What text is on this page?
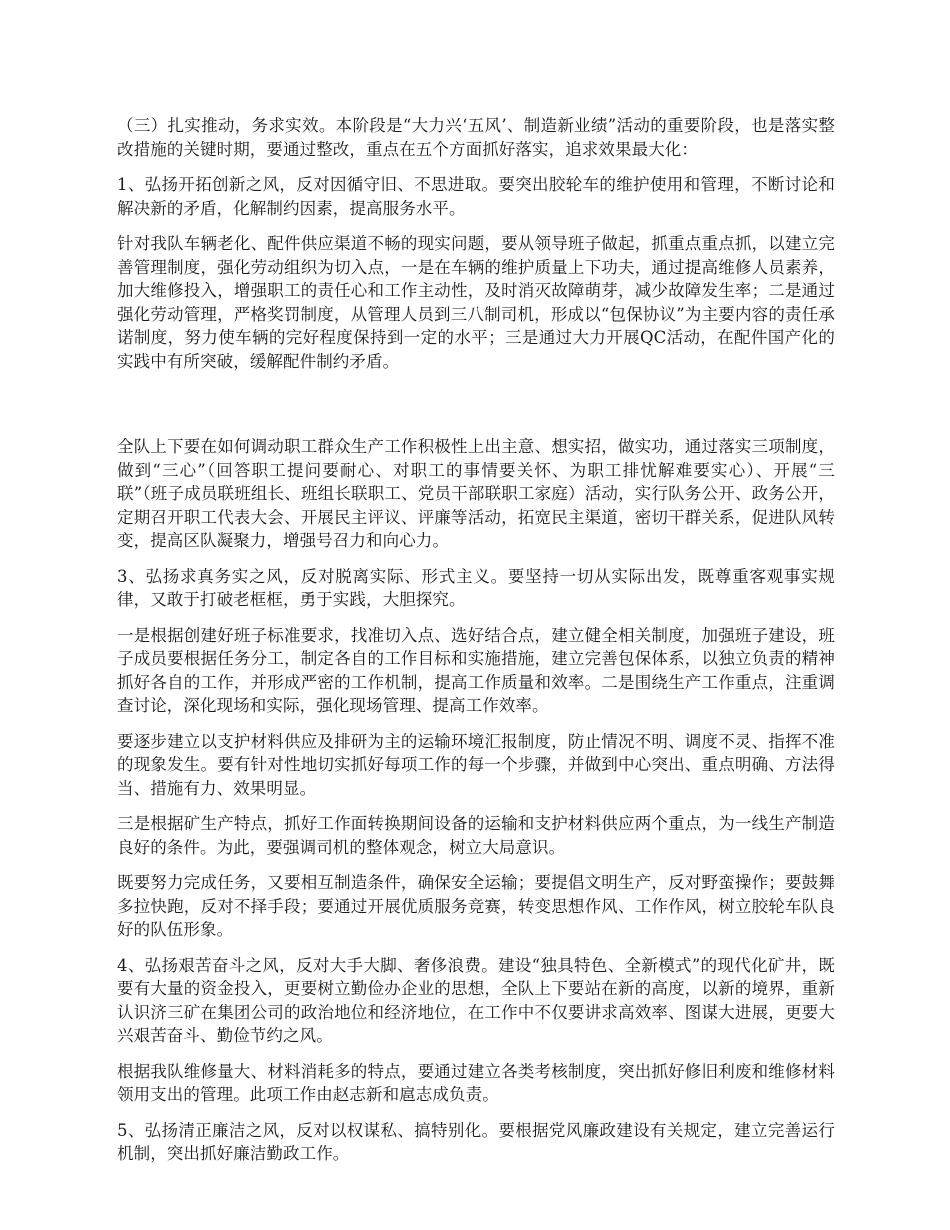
（三）扎实推动，务求实效。本阶段是“大力兴‘五风’、制造新业绩”活动的重要阶段，也是落实整改措施的关键时期，要通过整改，重点在五个方面抓好落实，追求效果最大化：

1、弘扬开拓创新之风，反对因循守旧、不思进取。要突出胶轮车的维护使用和管理，不断讨论和解决新的矛盾，化解制约因素，提高服务水平。

针对我队车辆老化、配件供应渠道不畅的现实问题，要从领导班子做起，抓重点重点抓，以建立完善管理制度，强化劳动组织为切入点，一是在车辆的维护质量上下功夫，通过提高维修人员素养，加大维修投入，增强职工的责任心和工作主动性，及时消灭故障萌芽，减少故障发生率；二是通过强化劳动管理，严格奖罚制度，从管理人员到三八制司机，形成以“包保协议”为主要内容的责任承诺制度，努力使车辆的完好程度保持到一定的水平；三是通过大力开展QC活动，在配件国产化的实践中有所突破，缓解配件制约矛盾。

全队上下要在如何调动职工群众生产工作积极性上出主意、想实招，做实功，通过落实三项制度，做到“三心”（回答职工提问要耐心、对职工的事情要关怀、为职工排忧解难要实心）、开展“三联”（班子成员联班组长、班组长联职工、党员干部联职工家庭）活动，实行队务公开、政务公开，定期召开职工代表大会、开展民主评议、评廉等活动，拓宽民主渠道，密切干群关系，促进队风转变，提高区队凝聚力，增强号召力和向心力。

3、弘扬求真务实之风，反对脱离实际、形式主义。要坚持一切从实际出发，既尊重客观事实规律，又敢于打破老框框，勇于实践，大胆探究。

一是根据创建好班子标准要求，找准切入点、选好结合点，建立健全相关制度，加强班子建设，班子成员要根据任务分工，制定各自的工作目标和实施措施，建立完善包保体系，以独立负责的精神抓好各自的工作，并形成严密的工作机制，提高工作质量和效率。二是围绕生产工作重点，注重调查讨论，深化现场和实际，强化现场管理、提高工作效率。

要逐步建立以支护材料供应及排研为主的运输环境汇报制度，防止情况不明、调度不灵、指挥不准的现象发生。要有针对性地切实抓好每项工作的每一个步骤，并做到中心突出、重点明确、方法得当、措施有力、效果明显。

三是根据矿生产特点，抓好工作面转换期间设备的运输和支护材料供应两个重点，为一线生产制造良好的条件。为此，要强调司机的整体观念，树立大局意识。

既要努力完成任务，又要相互制造条件，确保安全运输；要提倡文明生产，反对野蛮操作；要鼓舞多拉快跑，反对不择手段；要通过开展优质服务竞赛，转变思想作风、工作作风，树立胶轮车队良好的队伍形象。

4、弘扬艰苦奋斗之风，反对大手大脚、奢侈浪费。建设“独具特色、全新模式”的现代化矿井，既要有大量的资金投入，更要树立勤俭办企业的思想，全队上下要站在新的高度，以新的境界，重新认识济三矿在集团公司的政治地位和经济地位，在工作中不仅要讲求高效率、图谋大进展，更要大兴艰苦奋斗、勤俭节约之风。

根据我队维修量大、材料消耗多的特点，要通过建立各类考核制度，突出抓好修旧利废和维修材料领用支出的管理。此项工作由赵志新和扈志成负责。

5、弘扬清正廉洁之风，反对以权谋私、搞特别化。要根据党风廉政建设有关规定，建立完善运行机制，突出抓好廉洁勤政工作。
